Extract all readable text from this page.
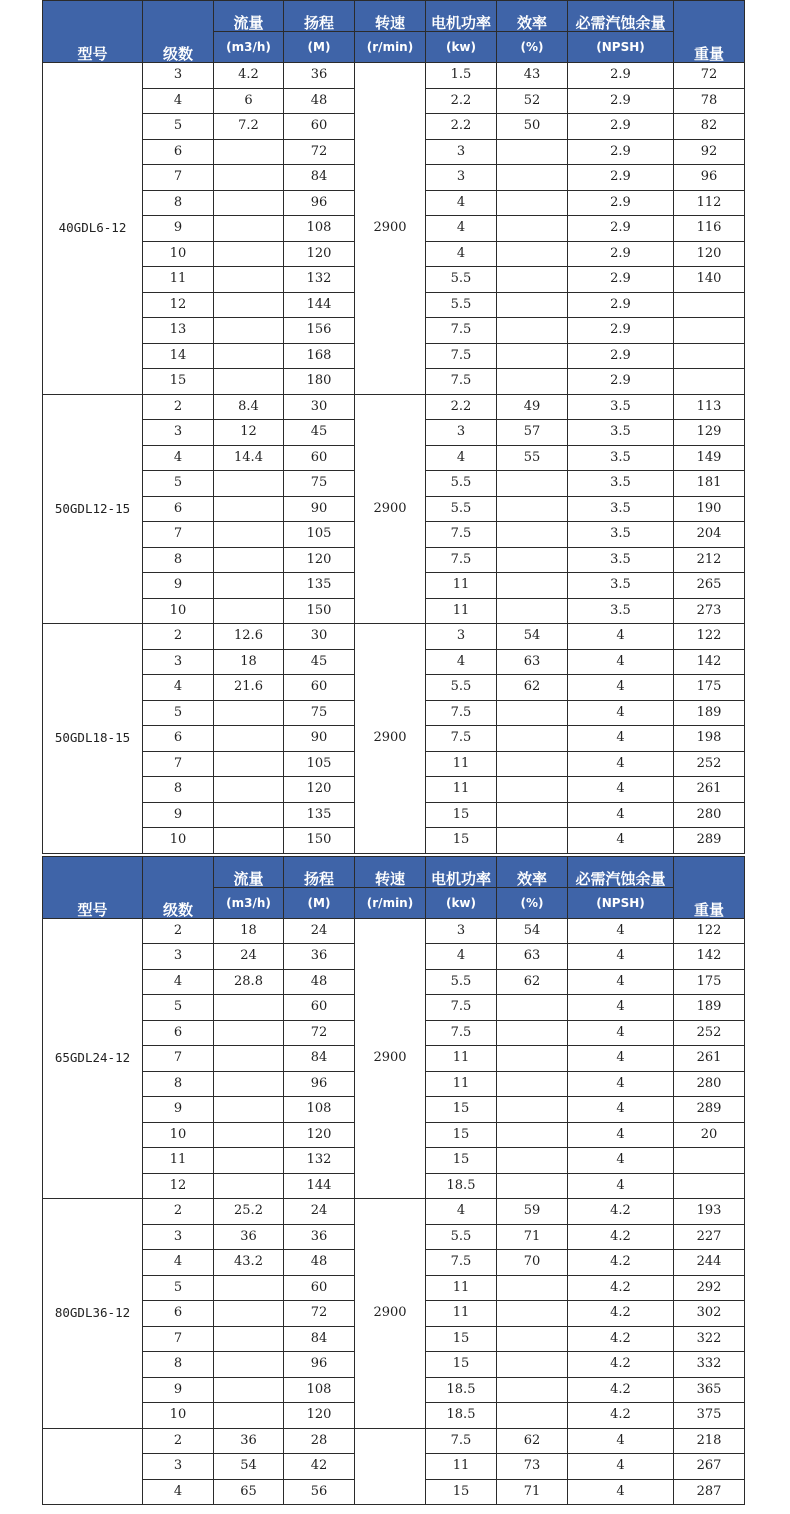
型号	级数	流量	扬程	转速	电机功率	效率	必需汽蚀余量	重量
		(m3/h)	(M)	(r/min)	(kw)	(%)	(NPSH)	
40GDL6-12	3	4.2	36	2900	1.5	43	2.9	72
	4	6	48		2.2	52	2.9	78
	5	7.2	60		2.2	50	2.9	82
	6		72		3		2.9	92
	7		84		3		2.9	96
	8		96		4		2.9	112
	9		108		4		2.9	116
	10		120		4		2.9	120
	11		132		5.5		2.9	140
	12		144		5.5		2.9	
	13		156		7.5		2.9	
	14		168		7.5		2.9	
	15		180		7.5		2.9	
50GDL12-15	2	8.4	30	2900	2.2	49	3.5	113
	3	12	45		3	57	3.5	129
	4	14.4	60		4	55	3.5	149
	5		75		5.5		3.5	181
	6		90		5.5		3.5	190
	7		105		7.5		3.5	204
	8		120		7.5		3.5	212
	9		135		11		3.5	265
	10		150		11		3.5	273
50GDL18-15	2	12.6	30	2900	3	54	4	122
	3	18	45		4	63	4	142
	4	21.6	60		5.5	62	4	175
	5		75		7.5		4	189
	6		90		7.5		4	198
	7		105		11		4	252
	8		120		11		4	261
	9		135		15		4	280
	10		150		15		4	289
型号	级数	流量	扬程	转速	电机功率	效率	必需汽蚀余量	重量
		(m3/h)	(M)	(r/min)	(kw)	(%)	(NPSH)	
65GDL24-12	2	18	24	2900	3	54	4	122
	3	24	36		4	63	4	142
	4	28.8	48		5.5	62	4	175
	5		60		7.5		4	189
	6		72		7.5		4	252
	7		84		11		4	261
	8		96		11		4	280
	9		108		15		4	289
	10		120		15		4	20
	11		132		15		4	
	12		144		18.5		4	
80GDL36-12	2	25.2	24	2900	4	59	4.2	193
	3	36	36		5.5	71	4.2	227
	4	43.2	48		7.5	70	4.2	244
	5		60		11		4.2	292
	6		72		11		4.2	302
	7		84		15		4.2	322
	8		96		15		4.2	332
	9		108		18.5		4.2	365
	10		120		18.5		4.2	375
	2	36	28		7.5	62	4	218
	3	54	42		11	73	4	267
	4	65	56		15	71	4	287
